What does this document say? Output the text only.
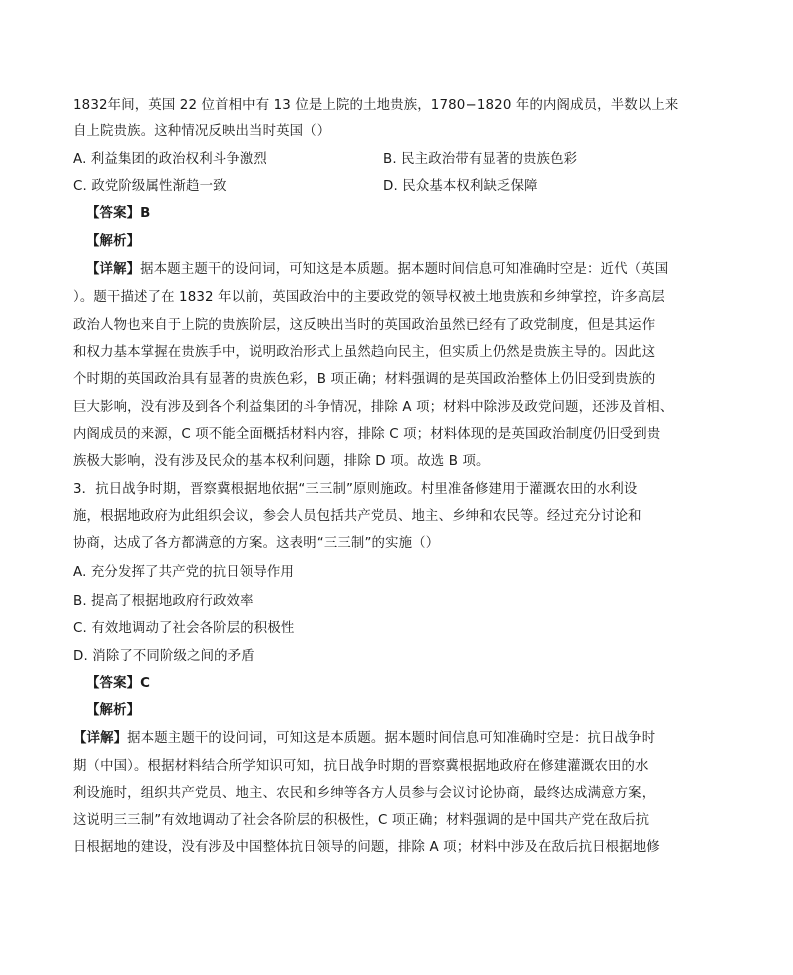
1832年间，英国 22 位首相中有 13 位是上院的土地贵族，1780−1820 年的内阁成员，半数以上来
自上院贵族。这种情况反映出当时英国（）
A. 利益集团的政治权利斗争激烈	B. 民主政治带有显著的贵族色彩
C. 政党阶级属性渐趋一致	D. 民众基本权利缺乏保障
【答案】B
【解析】
【详解】据本题主题干的设问词，可知这是本质题。据本题时间信息可知准确时空是：近代（英国
）。题干描述了在 1832 年以前，英国政治中的主要政党的领导权被土地贵族和乡绅掌控，许多高层
政治人物也来自于上院的贵族阶层，这反映出当时的英国政治虽然已经有了政党制度，但是其运作
和权力基本掌握在贵族手中，说明政治形式上虽然趋向民主，但实质上仍然是贵族主导的。因此这
个时期的英国政治具有显著的贵族色彩，B 项正确；材料强调的是英国政治整体上仍旧受到贵族的
巨大影响，没有涉及到各个利益集团的斗争情况，排除 A 项；材料中除涉及政党问题，还涉及首相、
内阁成员的来源，C 项不能全面概括材料内容，排除 C 项；材料体现的是英国政治制度仍旧受到贵
族极大影响，没有涉及民众的基本权利问题，排除 D 项。故选 B 项。
3．抗日战争时期，晋察冀根据地依据“三三制”原则施政。村里准备修建用于灌溉农田的水利设
施，根据地政府为此组织会议，参会人员包括共产党员、地主、乡绅和农民等。经过充分讨论和
协商，达成了各方都满意的方案。这表明“三三制”的实施（）
A. 充分发挥了共产党的抗日领导作用
B. 提高了根据地政府行政效率
C. 有效地调动了社会各阶层的积极性
D. 消除了不同阶级之间的矛盾
【答案】C
【解析】
【详解】据本题主题干的设问词，可知这是本质题。据本题时间信息可知准确时空是：抗日战争时
期（中国）。根据材料结合所学知识可知，抗日战争时期的晋察冀根据地政府在修建灌溉农田的水
利设施时，组织共产党员、地主、农民和乡绅等各方人员参与会议讨论协商，最终达成满意方案，
这说明三三制”有效地调动了社会各阶层的积极性，C 项正确；材料强调的是中国共产党在敌后抗
日根据地的建设，没有涉及中国整体抗日领导的问题，排除 A 项；材料中涉及在敌后抗日根据地修
